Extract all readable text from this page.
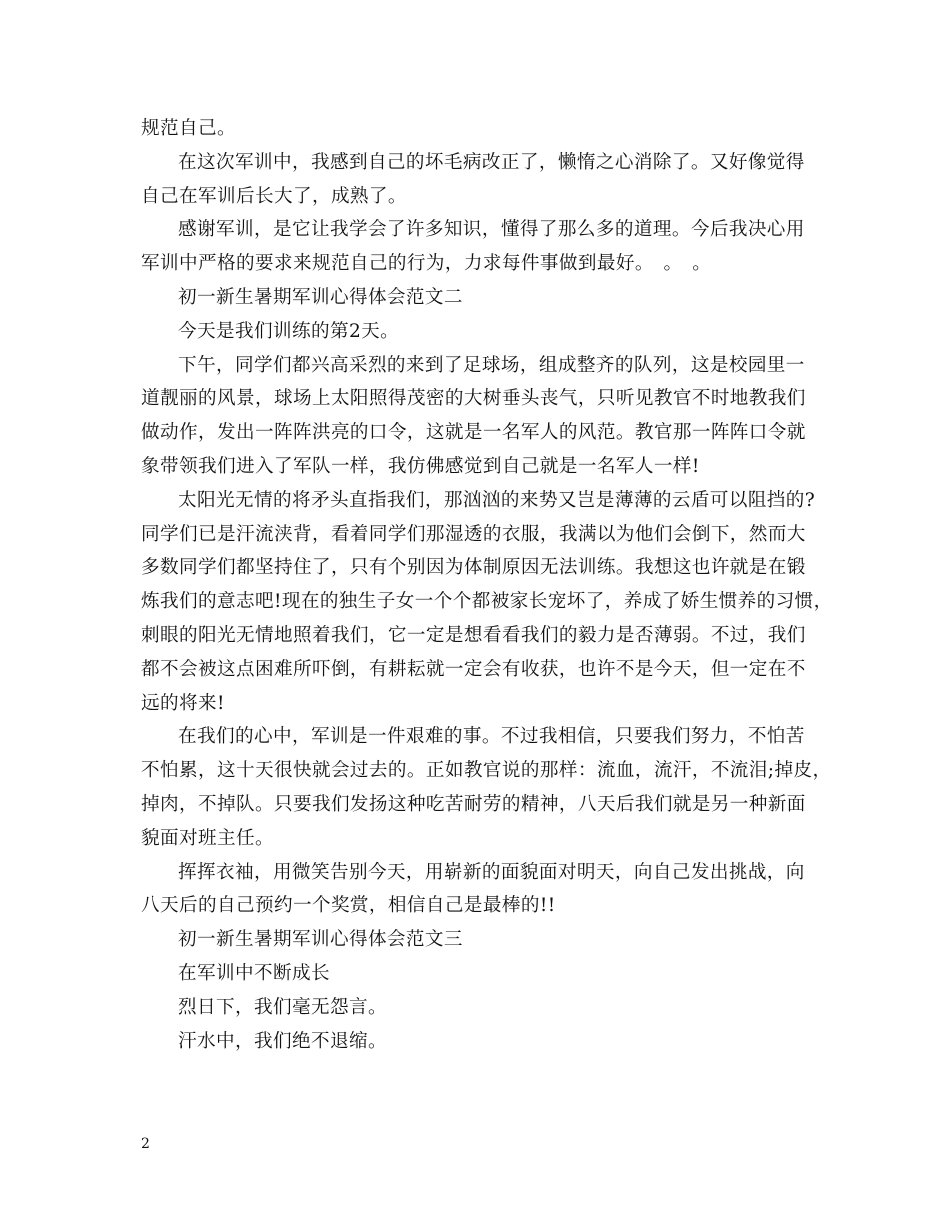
规范自己。
在这次军训中，我感到自己的坏毛病改正了，懒惰之心消除了。又好像觉得
自己在军训后长大了，成熟了。
感谢军训，是它让我学会了许多知识，懂得了那么多的道理。今后我决心用
军训中严格的要求来规范自己的行为，力求每件事做到最好。　。　。
初一新生暑期军训心得体会范文二
今天是我们训练的第2天。
下午，同学们都兴高采烈的来到了足球场，组成整齐的队列，这是校园里一
道靓丽的风景，球场上太阳照得茂密的大树垂头丧气，只听见教官不时地教我们
做动作，发出一阵阵洪亮的口令，这就是一名军人的风范。教官那一阵阵口令就
象带领我们进入了军队一样，我仿佛感觉到自己就是一名军人一样!
太阳光无情的将矛头直指我们，那汹汹的来势又岂是薄薄的云盾可以阻挡的?
同学们已是汗流浃背，看着同学们那湿透的衣服，我满以为他们会倒下，然而大
多数同学们都坚持住了，只有个别因为体制原因无法训练。我想这也许就是在锻
炼我们的意志吧!现在的独生子女一个个都被家长宠坏了，养成了娇生惯养的习惯，
刺眼的阳光无情地照着我们，它一定是想看看我们的毅力是否薄弱。不过，我们
都不会被这点困难所吓倒，有耕耘就一定会有收获，也许不是今天，但一定在不
远的将来!
在我们的心中，军训是一件艰难的事。不过我相信，只要我们努力，不怕苦
不怕累，这十天很快就会过去的。正如教官说的那样：流血，流汗，不流泪;掉皮，
掉肉，不掉队。只要我们发扬这种吃苦耐劳的精神，八天后我们就是另一种新面
貌面对班主任。
挥挥衣袖，用微笑告别今天，用崭新的面貌面对明天，向自己发出挑战，向
八天后的自己预约一个奖赏，相信自己是最棒的!!
初一新生暑期军训心得体会范文三
在军训中不断成长
烈日下，我们毫无怨言。
汗水中，我们绝不退缩。
2
